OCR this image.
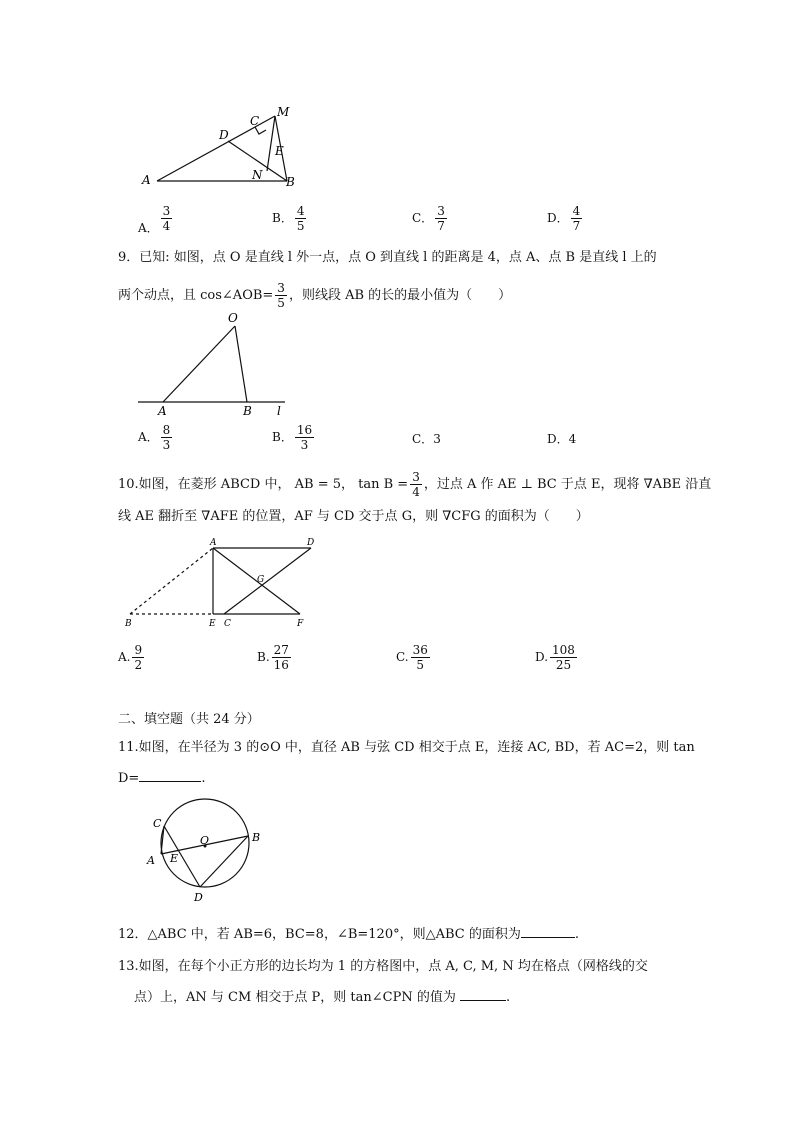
A
D
C
M
E
N B
A． $\frac{3}{4}$	B． $\frac{4}{5}$	C． $\frac{3}{7}$	D． $\frac{4}{7}$
9．已知: 如图，点 O 是直线 l 外一点，点 O 到直线 l 的距离是 4，点 A、点 B 是直线 l 上的
两个动点，且 cos∠AOB= $\frac{3}{5}$ ，则线段 AB 的长的最小值为（　　）
O
A	B l
A． $\frac{8}{3}$	B． $\frac{16}{3}$	C．3	D．4
10.如图，在菱形 ABCD 中， AB = 5， $\tan B = \frac{3}{4}$ ，过点 A 作 AE ⊥ BC 于点 E，现将 ∇ABE 沿直
线 AE 翻折至 ∇AFE 的位置，AF 与 CD 交于点 G，则 ∇CFG 的面积为（　　）
A	D
G
B	E C	F
A. $\frac{9}{2}$	B. $\frac{27}{16}$	C. $\frac{36}{5}$	D. $\frac{108}{25}$
二、填空题（共 24 分）
11.如图，在半径为 3 的⊙O 中，直径 AB 与弦 CD 相交于点 E，连接 AC, BD，若 AC=2，则 tan
D=	.
C
O	B
A E
D
12．△ABC 中，若 AB=6，BC=8，∠B=120°，则△ABC 的面积为	.
13.如图，在每个小正方形的边长均为 1 的方格图中，点 A, C, M, N 均在格点（网格线的交
点）上，AN 与 CM 相交于点 P，则 tan∠CPN 的值为	.
